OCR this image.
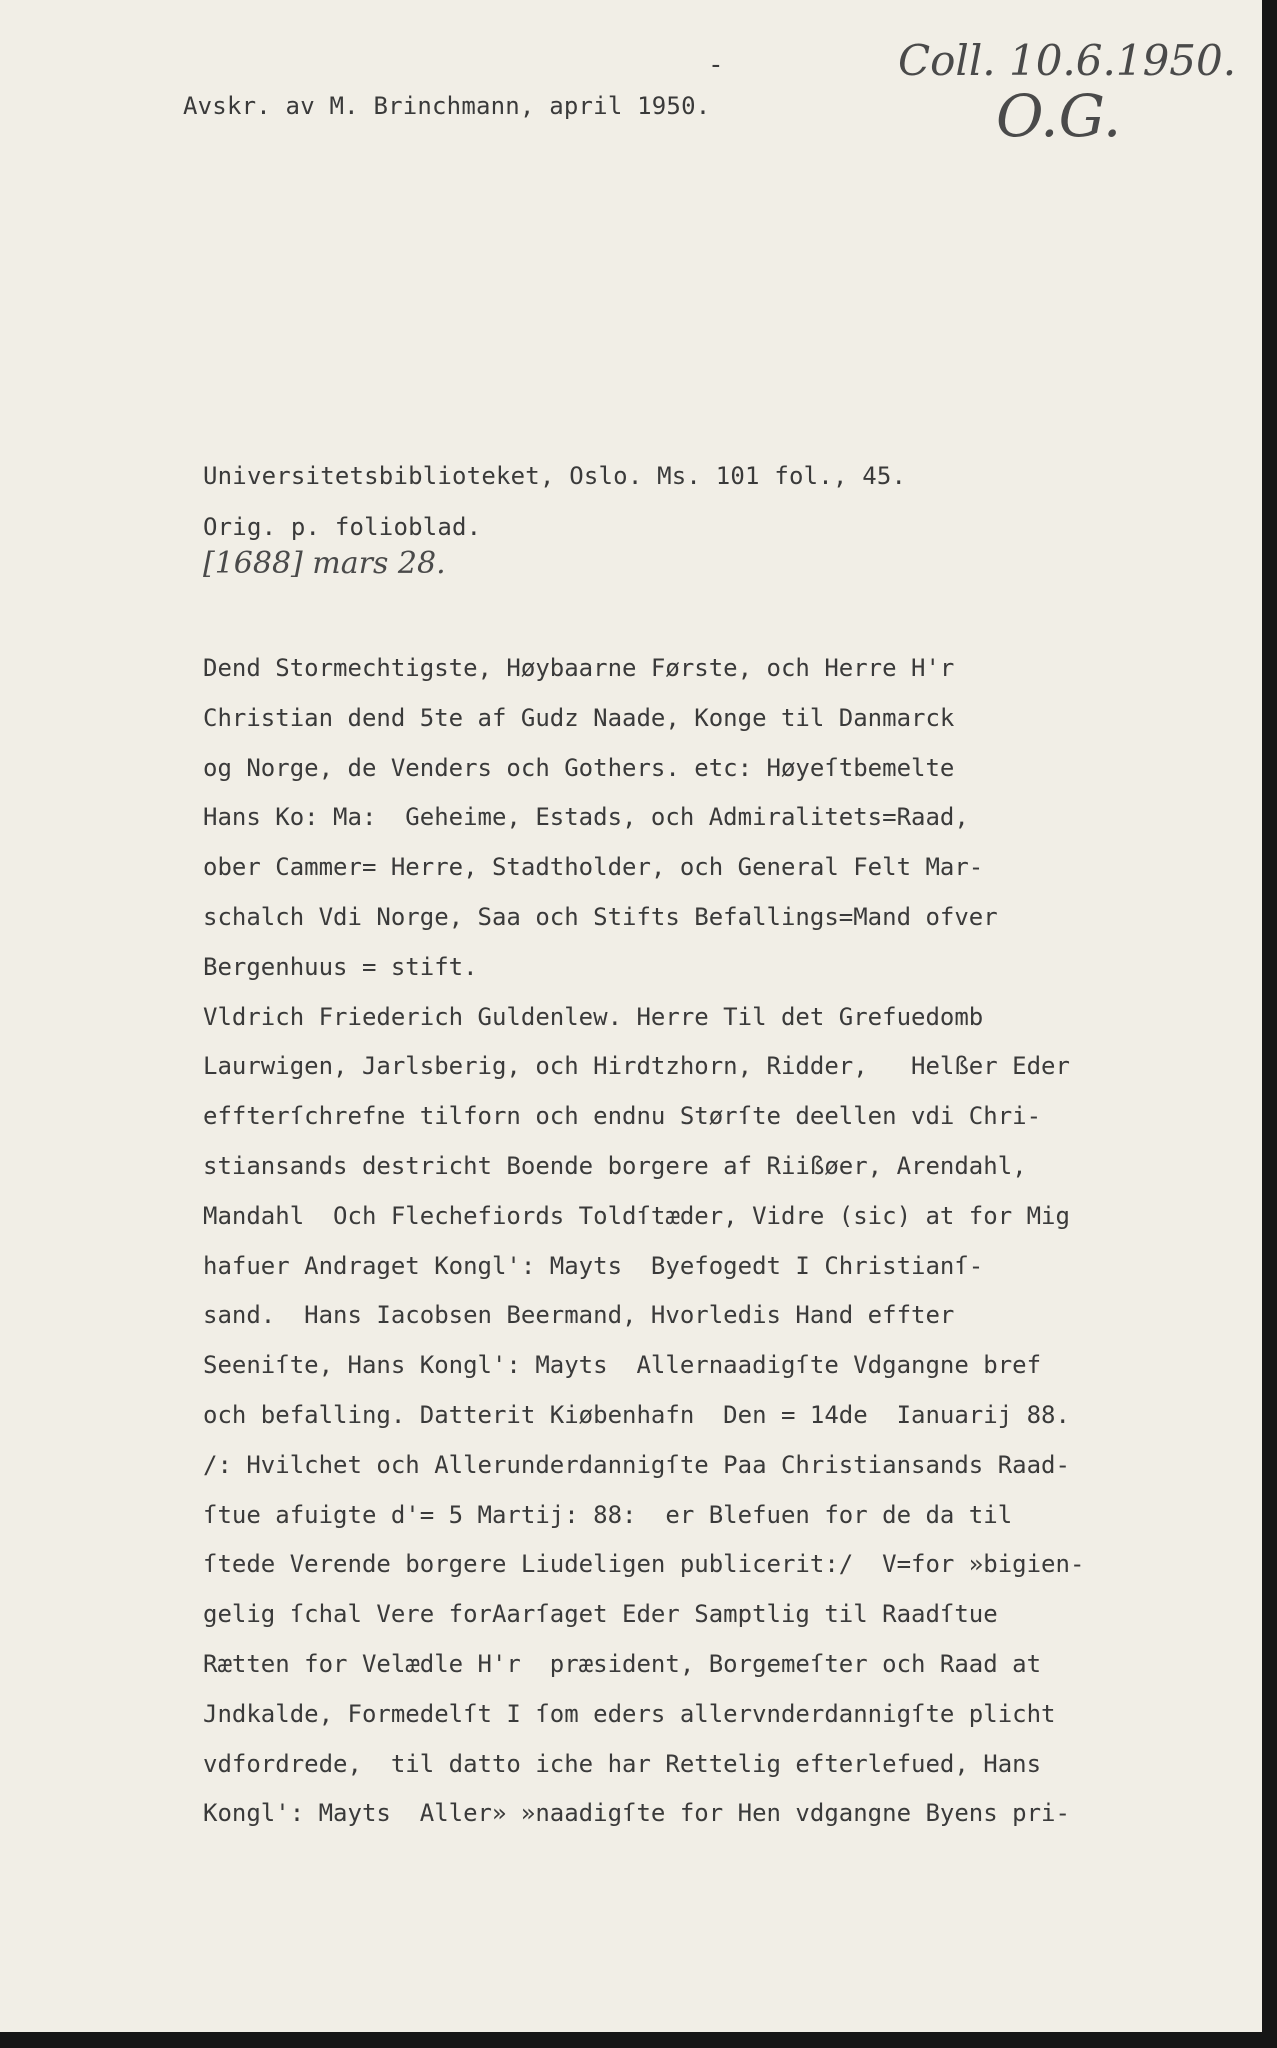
-	Coll. 10.6.1950.
O.G.
Avskr. av M. Brinchmann, april 1950.
Universitetsbiblioteket, Oslo. Ms. 101 fol., 45.
Orig. p. folioblad.
[1688] mars 28.
Dend Stormechtigste, Høybaarne Første, och Herre H'r
Christian dend 5te af Gudz Naade, Konge til Danmarck
og Norge, de Venders och Gothers. etc: Høyeſtbemelte
Hans Ko: Ma:  Geheime, Estads, och Admiralitets=Raad,
ober Cammer= Herre, Stadtholder, och General Felt Mar-
schalch Vdi Norge, Saa och Stifts Befallings=Mand ofver
Bergenhuus = stift.
Vldrich Friederich Guldenlew. Herre Til det Grefuedomb
Laurwigen, Jarlsberig, och Hirdtzhorn, Ridder,   Helßer Eder
effterſchrefne tilforn och endnu Størſte deellen vdi Chri-
stiansands destricht Boende borgere af Riißøer, Arendahl,
Mandahl  Och Flechefiords Toldſtæder, Vidre (sic) at for Mig
hafuer Andraget Kongl': Mayts  Byefogedt I Christianſ-
sand.  Hans Iacobsen Beermand, Hvorledis Hand effter
Seeniſte, Hans Kongl': Mayts  Allernaadigſte Vdgangne bref
och befalling. Datterit Kiøbenhafn  Den = 14de  Ianuarij 88.
/: Hvilchet och Allerunderdannigſte Paa Christiansands Raad-
ſtue afuigte d'= 5 Martij: 88:  er Blefuen for de da til
ſtede Verende borgere Liudeligen publicerit:/  V=for »bigien-
gelig ſchal Vere forAarſaget Eder Samptlig til Raadſtue
Rætten for Velædle H'r  præsident, Borgemeſter och Raad at
Jndkalde, Formedelſt I ſom eders allervnderdannigſte plicht
vdfordrede,  til datto iche har Rettelig efterlefued, Hans
Kongl': Mayts  Aller» »naadigſte for Hen vdgangne Byens pri-
